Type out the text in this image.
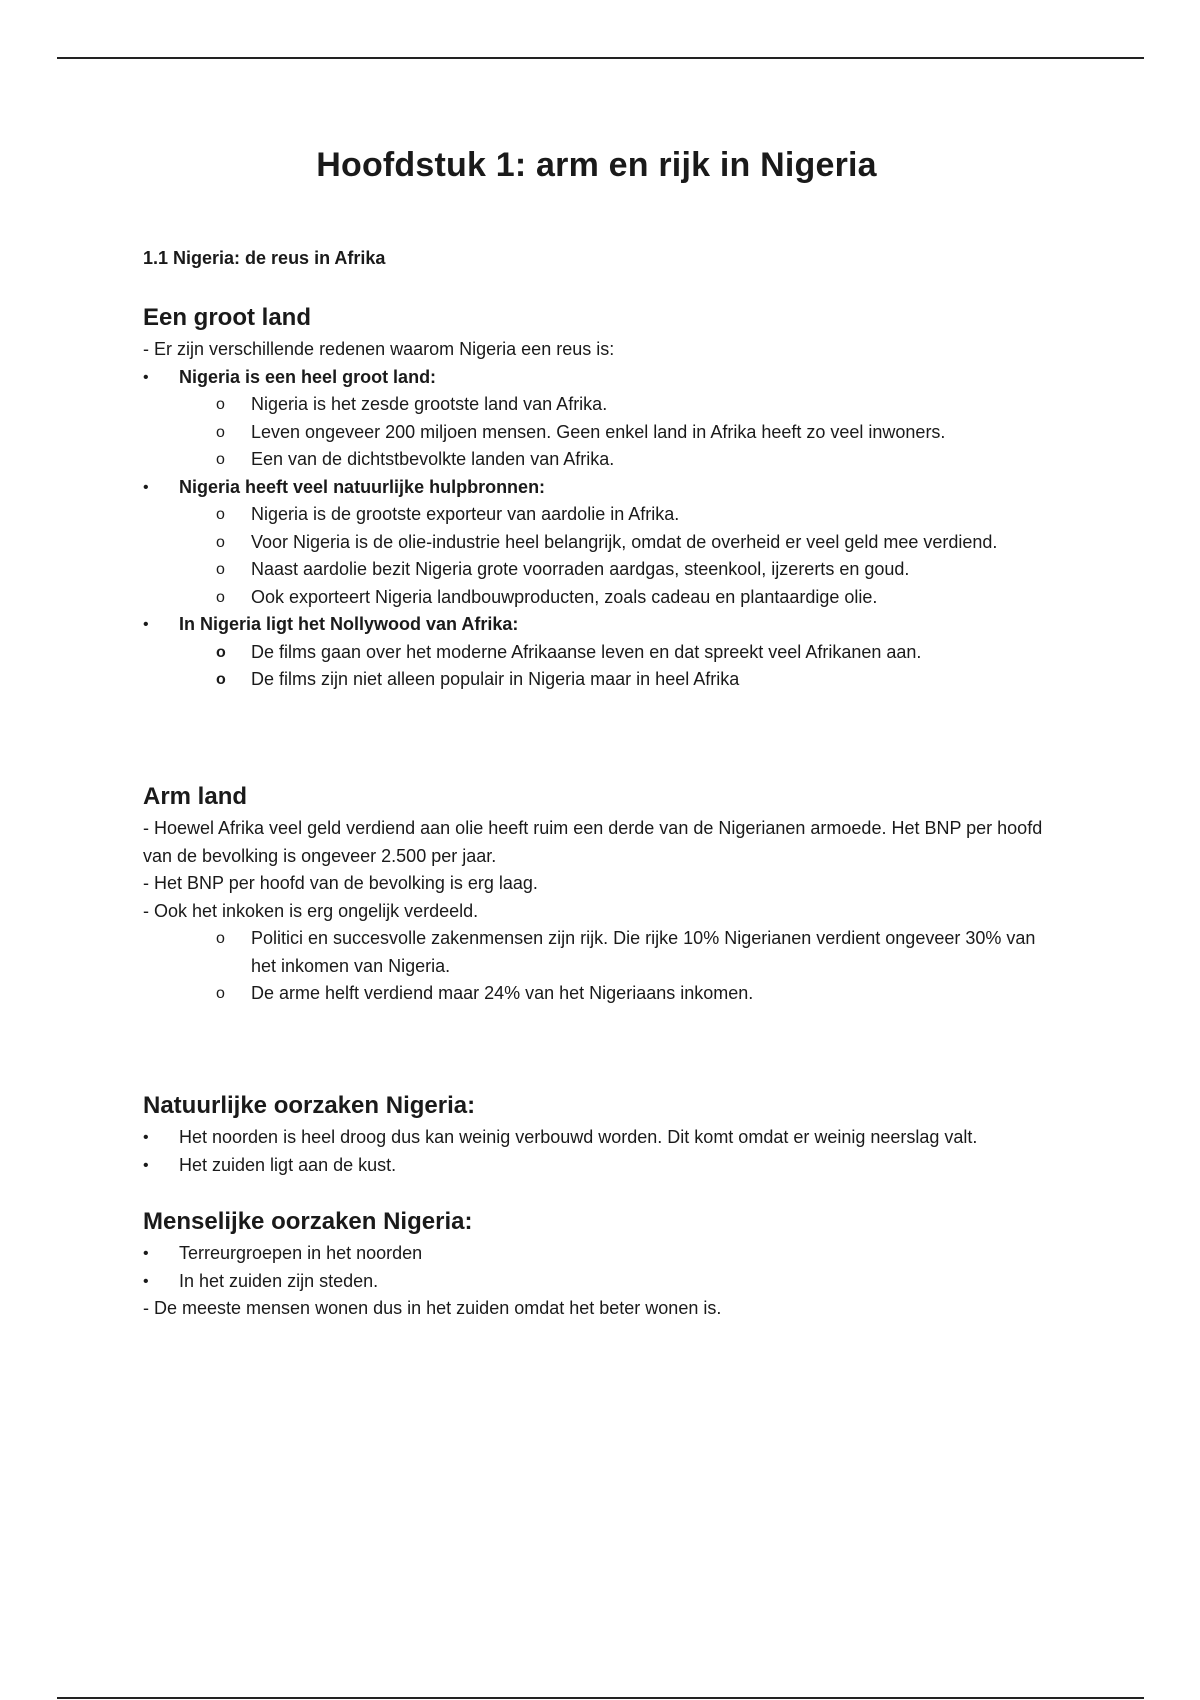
Hoofdstuk 1: arm en rijk in Nigeria

1.1 Nigeria: de reus in Afrika

Een groot land

- Er zijn verschillende redenen waarom Nigeria een reus is:

• Nigeria is een heel groot land:
o Nigeria is het zesde grootste land van Afrika.
o Leven ongeveer 200 miljoen mensen. Geen enkel land in Afrika heeft zo veel inwoners.
o Een van de dichtstbevolkte landen van Afrika.
• Nigeria heeft veel natuurlijke hulpbronnen:
o Nigeria is de grootste exporteur van aardolie in Afrika.
o Voor Nigeria is de olie-industrie heel belangrijk, omdat de overheid er veel geld mee verdiend.
o Naast aardolie bezit Nigeria grote voorraden aardgas, steenkool, ijzererts en goud.
o Ook exporteert Nigeria landbouwproducten, zoals cadeau en plantaardige olie.
• In Nigeria ligt het Nollywood van Afrika:
o De films gaan over het moderne Afrikaanse leven en dat spreekt veel Afrikanen aan.
o De films zijn niet alleen populair in Nigeria maar in heel Afrika
Arm land

- Hoewel Afrika veel geld verdiend aan olie heeft ruim een derde van de Nigerianen armoede. Het BNP per hoofd van de bevolking is ongeveer 2.500 per jaar.

- Het BNP per hoofd van de bevolking is erg laag.

- Ook het inkoken is erg ongelijk verdeeld.

o Politici en succesvolle zakenmensen zijn rijk. Die rijke 10% Nigerianen verdient ongeveer 30% van het inkomen van Nigeria.
o De arme helft verdiend maar 24% van het Nigeriaans inkomen.
Natuurlijke oorzaken Nigeria:
• Het noorden is heel droog dus kan weinig verbouwd worden. Dit komt omdat er weinig neerslag valt.
• Het zuiden ligt aan de kust.
Menselijke oorzaken Nigeria:
• Terreurgroepen in het noorden
• In het zuiden zijn steden.

- De meeste mensen wonen dus in het zuiden omdat het beter wonen is.
